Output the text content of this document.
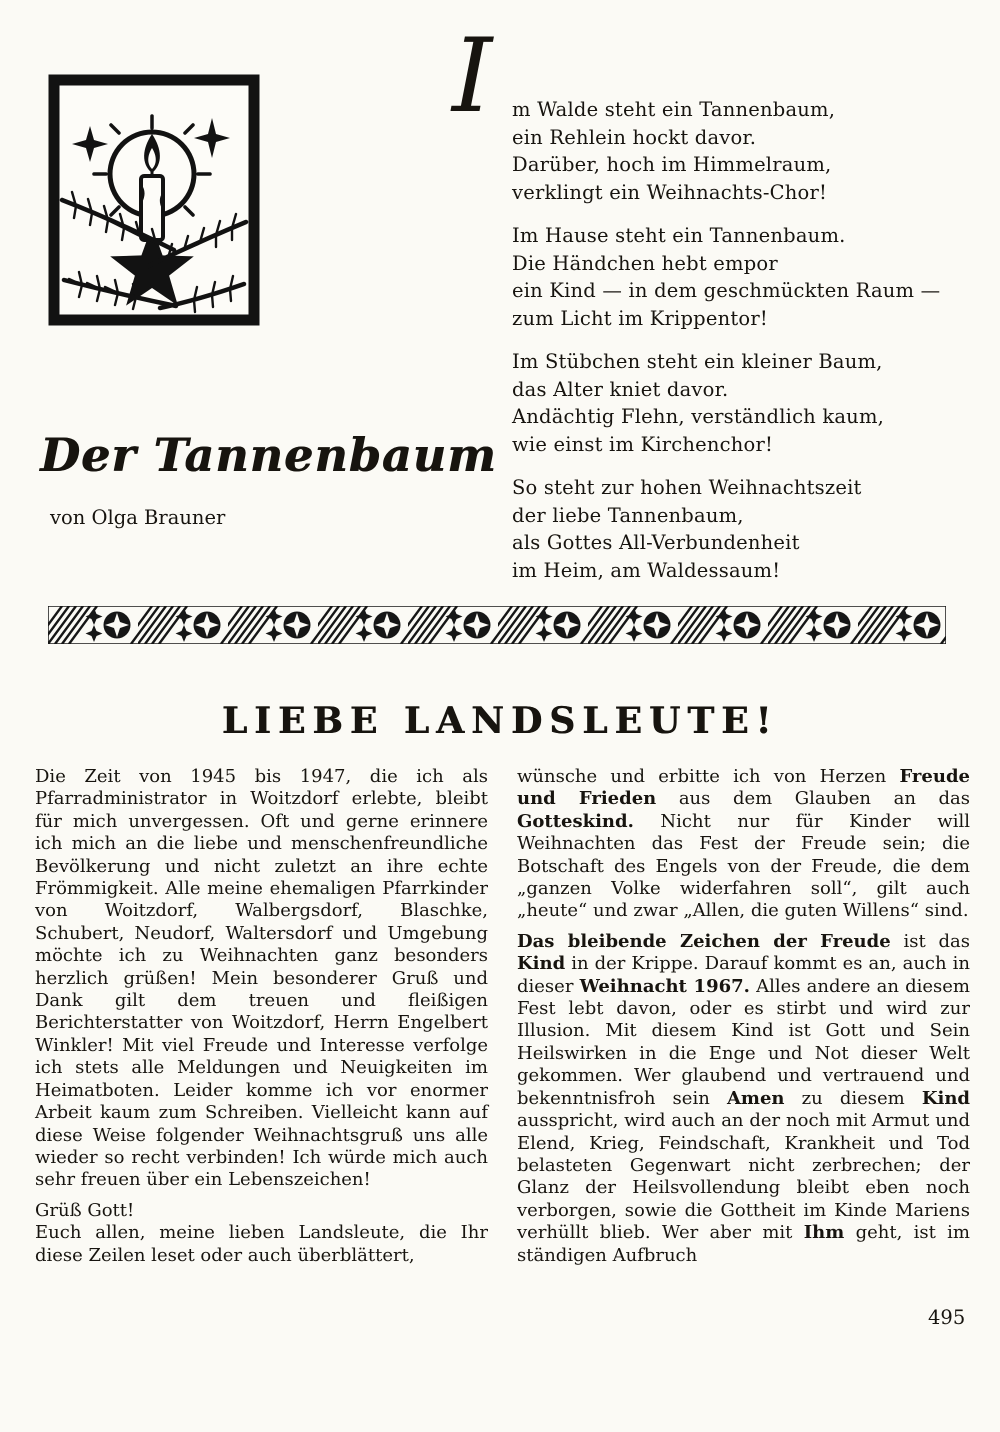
I m Walde steht ein Tannenbaum,
ein Rehlein hockt davor.
Darüber, hoch im Himmelraum,
verklingt ein Weihnachts-Chor!
Im Hause steht ein Tannenbaum.
Die Händchen hebt empor
ein Kind — in dem geschmückten Raum —
zum Licht im Krippentor!
Im Stübchen steht ein kleiner Baum,
das Alter kniet davor.
Andächtig Flehn, verständlich kaum,
wie einst im Kirchenchor!
So steht zur hohen Weihnachtszeit
der liebe Tannenbaum,
als Gottes All-Verbundenheit
im Heim, am Waldessaum!
Der Tannenbaum
von Olga Brauner
LIEBE LANDSLEUTE!

Die Zeit von 1945 bis 1947, die ich als Pfarradministrator in Woitzdorf erlebte, bleibt für mich unvergessen. Oft und gerne erinnere ich mich an die liebe und menschenfreundliche Bevölkerung und nicht zuletzt an ihre echte Frömmigkeit. Alle meine ehemaligen Pfarrkinder von Woitzdorf, Walbergsdorf, Blaschke, Schubert, Neudorf, Waltersdorf und Umgebung möchte ich zu Weihnachten ganz besonders herzlich grüßen! Mein besonderer Gruß und Dank gilt dem treuen und fleißigen Berichterstatter von Woitzdorf, Herrn Engelbert Winkler! Mit viel Freude und Interesse verfolge ich stets alle Meldungen und Neuigkeiten im Heimatboten. Leider komme ich vor enormer Arbeit kaum zum Schreiben. Vielleicht kann auf diese Weise folgender Weihnachtsgruß uns alle wieder so recht verbinden! Ich würde mich auch sehr freuen über ein Lebenszeichen!

Grüß Gott!

Euch allen, meine lieben Landsleute, die Ihr diese Zeilen leset oder auch überblättert,

wünsche und erbitte ich von Herzen Freude und Frieden aus dem Glauben an das Gotteskind. Nicht nur für Kinder will Weihnachten das Fest der Freude sein; die Botschaft des Engels von der Freude, die dem „ganzen Volke widerfahren soll“, gilt auch „heute“ und zwar „Allen, die guten Willens“ sind.

Das bleibende Zeichen der Freude ist das Kind in der Krippe. Darauf kommt es an, auch in dieser Weihnacht 1967. Alles andere an diesem Fest lebt davon, oder es stirbt und wird zur Illusion. Mit diesem Kind ist Gott und Sein Heilswirken in die Enge und Not dieser Welt gekommen. Wer glaubend und vertrauend und bekenntnisfroh sein Amen zu diesem Kind ausspricht, wird auch an der noch mit Armut und Elend, Krieg, Feindschaft, Krankheit und Tod belasteten Gegenwart nicht zerbrechen; der Glanz der Heilsvollendung bleibt eben noch verborgen, sowie die Gottheit im Kinde Mariens verhüllt blieb. Wer aber mit Ihm geht, ist im ständigen Aufbruch

495
